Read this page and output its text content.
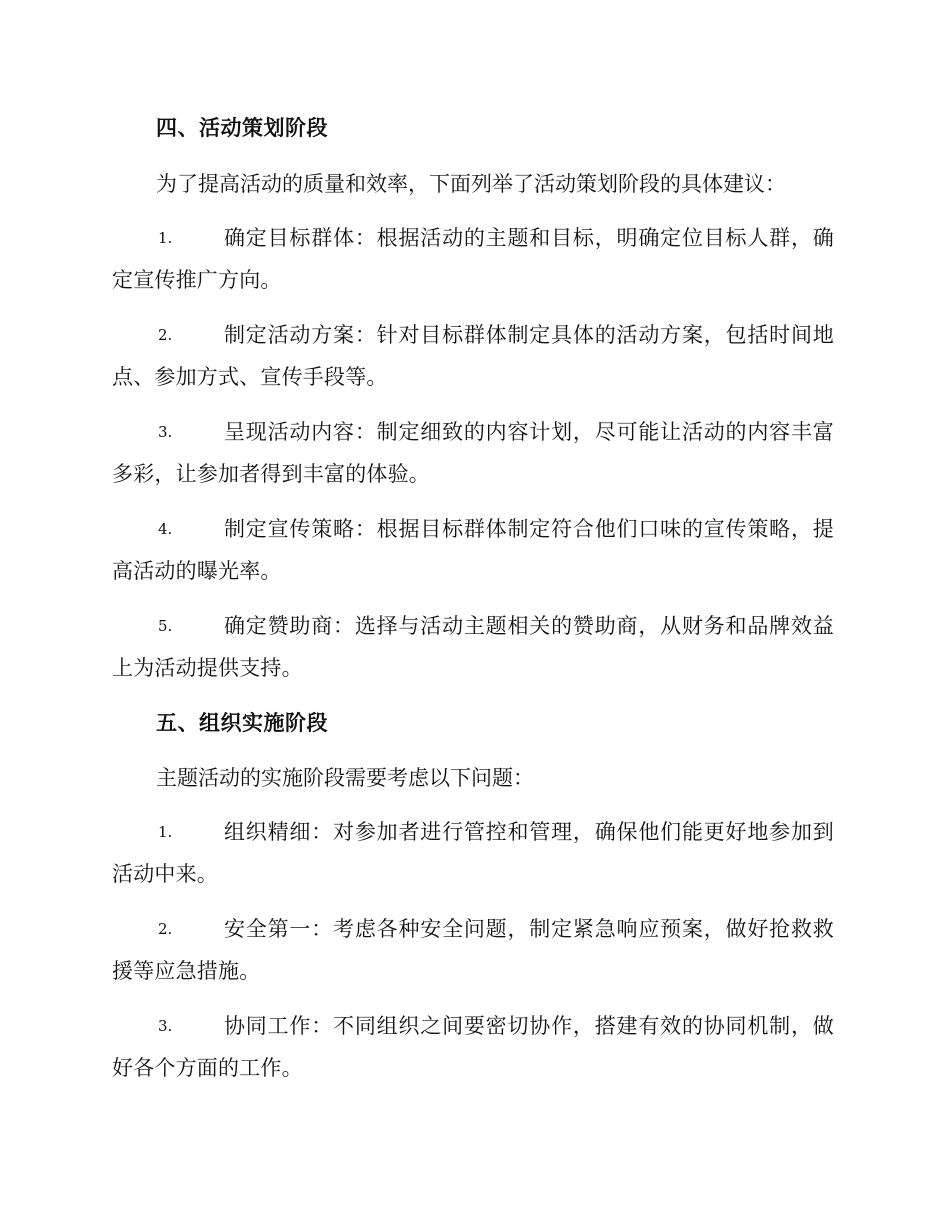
四、活动策划阶段
为了提高活动的质量和效率，下面列举了活动策划阶段的具体建议：
1.	确定目标群体：根据活动的主题和目标，明确定位目标人群，确定宣传推广方向。
2.	制定活动方案：针对目标群体制定具体的活动方案，包括时间地点、参加方式、宣传手段等。
3.	呈现活动内容：制定细致的内容计划，尽可能让活动的内容丰富多彩，让参加者得到丰富的体验。
4.	制定宣传策略：根据目标群体制定符合他们口味的宣传策略，提高活动的曝光率。
5.	确定赞助商：选择与活动主题相关的赞助商，从财务和品牌效益上为活动提供支持。
五、组织实施阶段
主题活动的实施阶段需要考虑以下问题：
1.	组织精细：对参加者进行管控和管理，确保他们能更好地参加到活动中来。
2.	安全第一：考虑各种安全问题，制定紧急响应预案，做好抢救救援等应急措施。
3.	协同工作：不同组织之间要密切协作，搭建有效的协同机制，做好各个方面的工作。
